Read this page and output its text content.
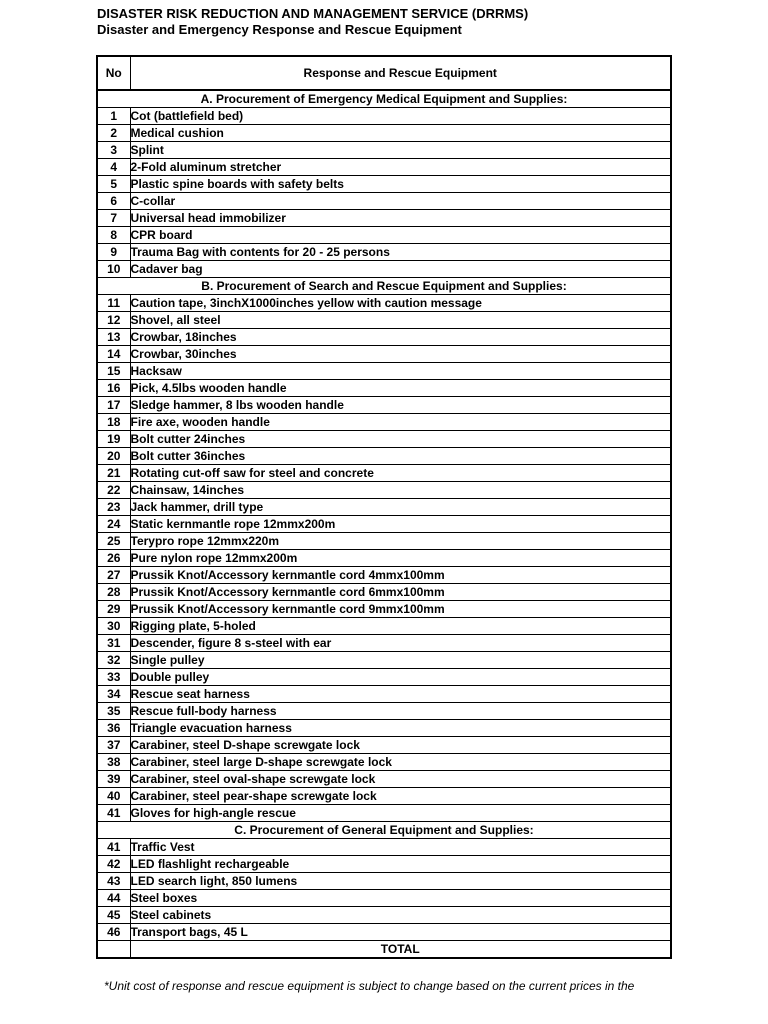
DISASTER RISK REDUCTION AND MANAGEMENT SERVICE (DRRMS)
Disaster and Emergency Response and Rescue Equipment
No	Response and Rescue Equipment
A. Procurement of Emergency Medical Equipment and Supplies:	
1	Cot (battlefield bed)
2	Medical cushion
3	Splint
4	2-Fold aluminum stretcher
5	Plastic spine boards with safety belts
6	C-collar
7	Universal head immobilizer
8	CPR board
9	Trauma Bag with contents for 20 - 25 persons
10	Cadaver bag
B. Procurement of Search and Rescue Equipment and Supplies:	
11	Caution tape, 3inchX1000inches yellow with caution message
12	Shovel, all steel
13	Crowbar, 18inches
14	Crowbar, 30inches
15	Hacksaw
16	Pick, 4.5lbs wooden handle
17	Sledge hammer, 8 lbs wooden handle
18	Fire axe, wooden handle
19	Bolt cutter 24inches
20	Bolt cutter 36inches
21	Rotating cut-off saw for steel and concrete
22	Chainsaw, 14inches
23	Jack hammer, drill type
24	Static kernmantle rope 12mmx200m
25	Terypro rope 12mmx220m
26	Pure nylon rope 12mmx200m
27	Prussik Knot/Accessory kernmantle cord 4mmx100mm
28	Prussik Knot/Accessory kernmantle cord 6mmx100mm
29	Prussik Knot/Accessory kernmantle cord 9mmx100mm
30	Rigging plate, 5-holed
31	Descender, figure 8 s-steel with ear
32	Single pulley
33	Double pulley
34	Rescue seat harness
35	Rescue full-body harness
36	Triangle evacuation harness
37	Carabiner, steel D-shape screwgate lock
38	Carabiner, steel large D-shape screwgate lock
39	Carabiner, steel oval-shape screwgate lock
40	Carabiner, steel pear-shape screwgate lock
41	Gloves for high-angle rescue
C. Procurement of General Equipment and Supplies:	
41	Traffic Vest
42	LED flashlight rechargeable
43	LED search light, 850 lumens
44	Steel boxes
45	Steel cabinets
46	Transport bags, 45 L
	TOTAL
*Unit cost of response and rescue equipment is subject to change based on the current prices in the
